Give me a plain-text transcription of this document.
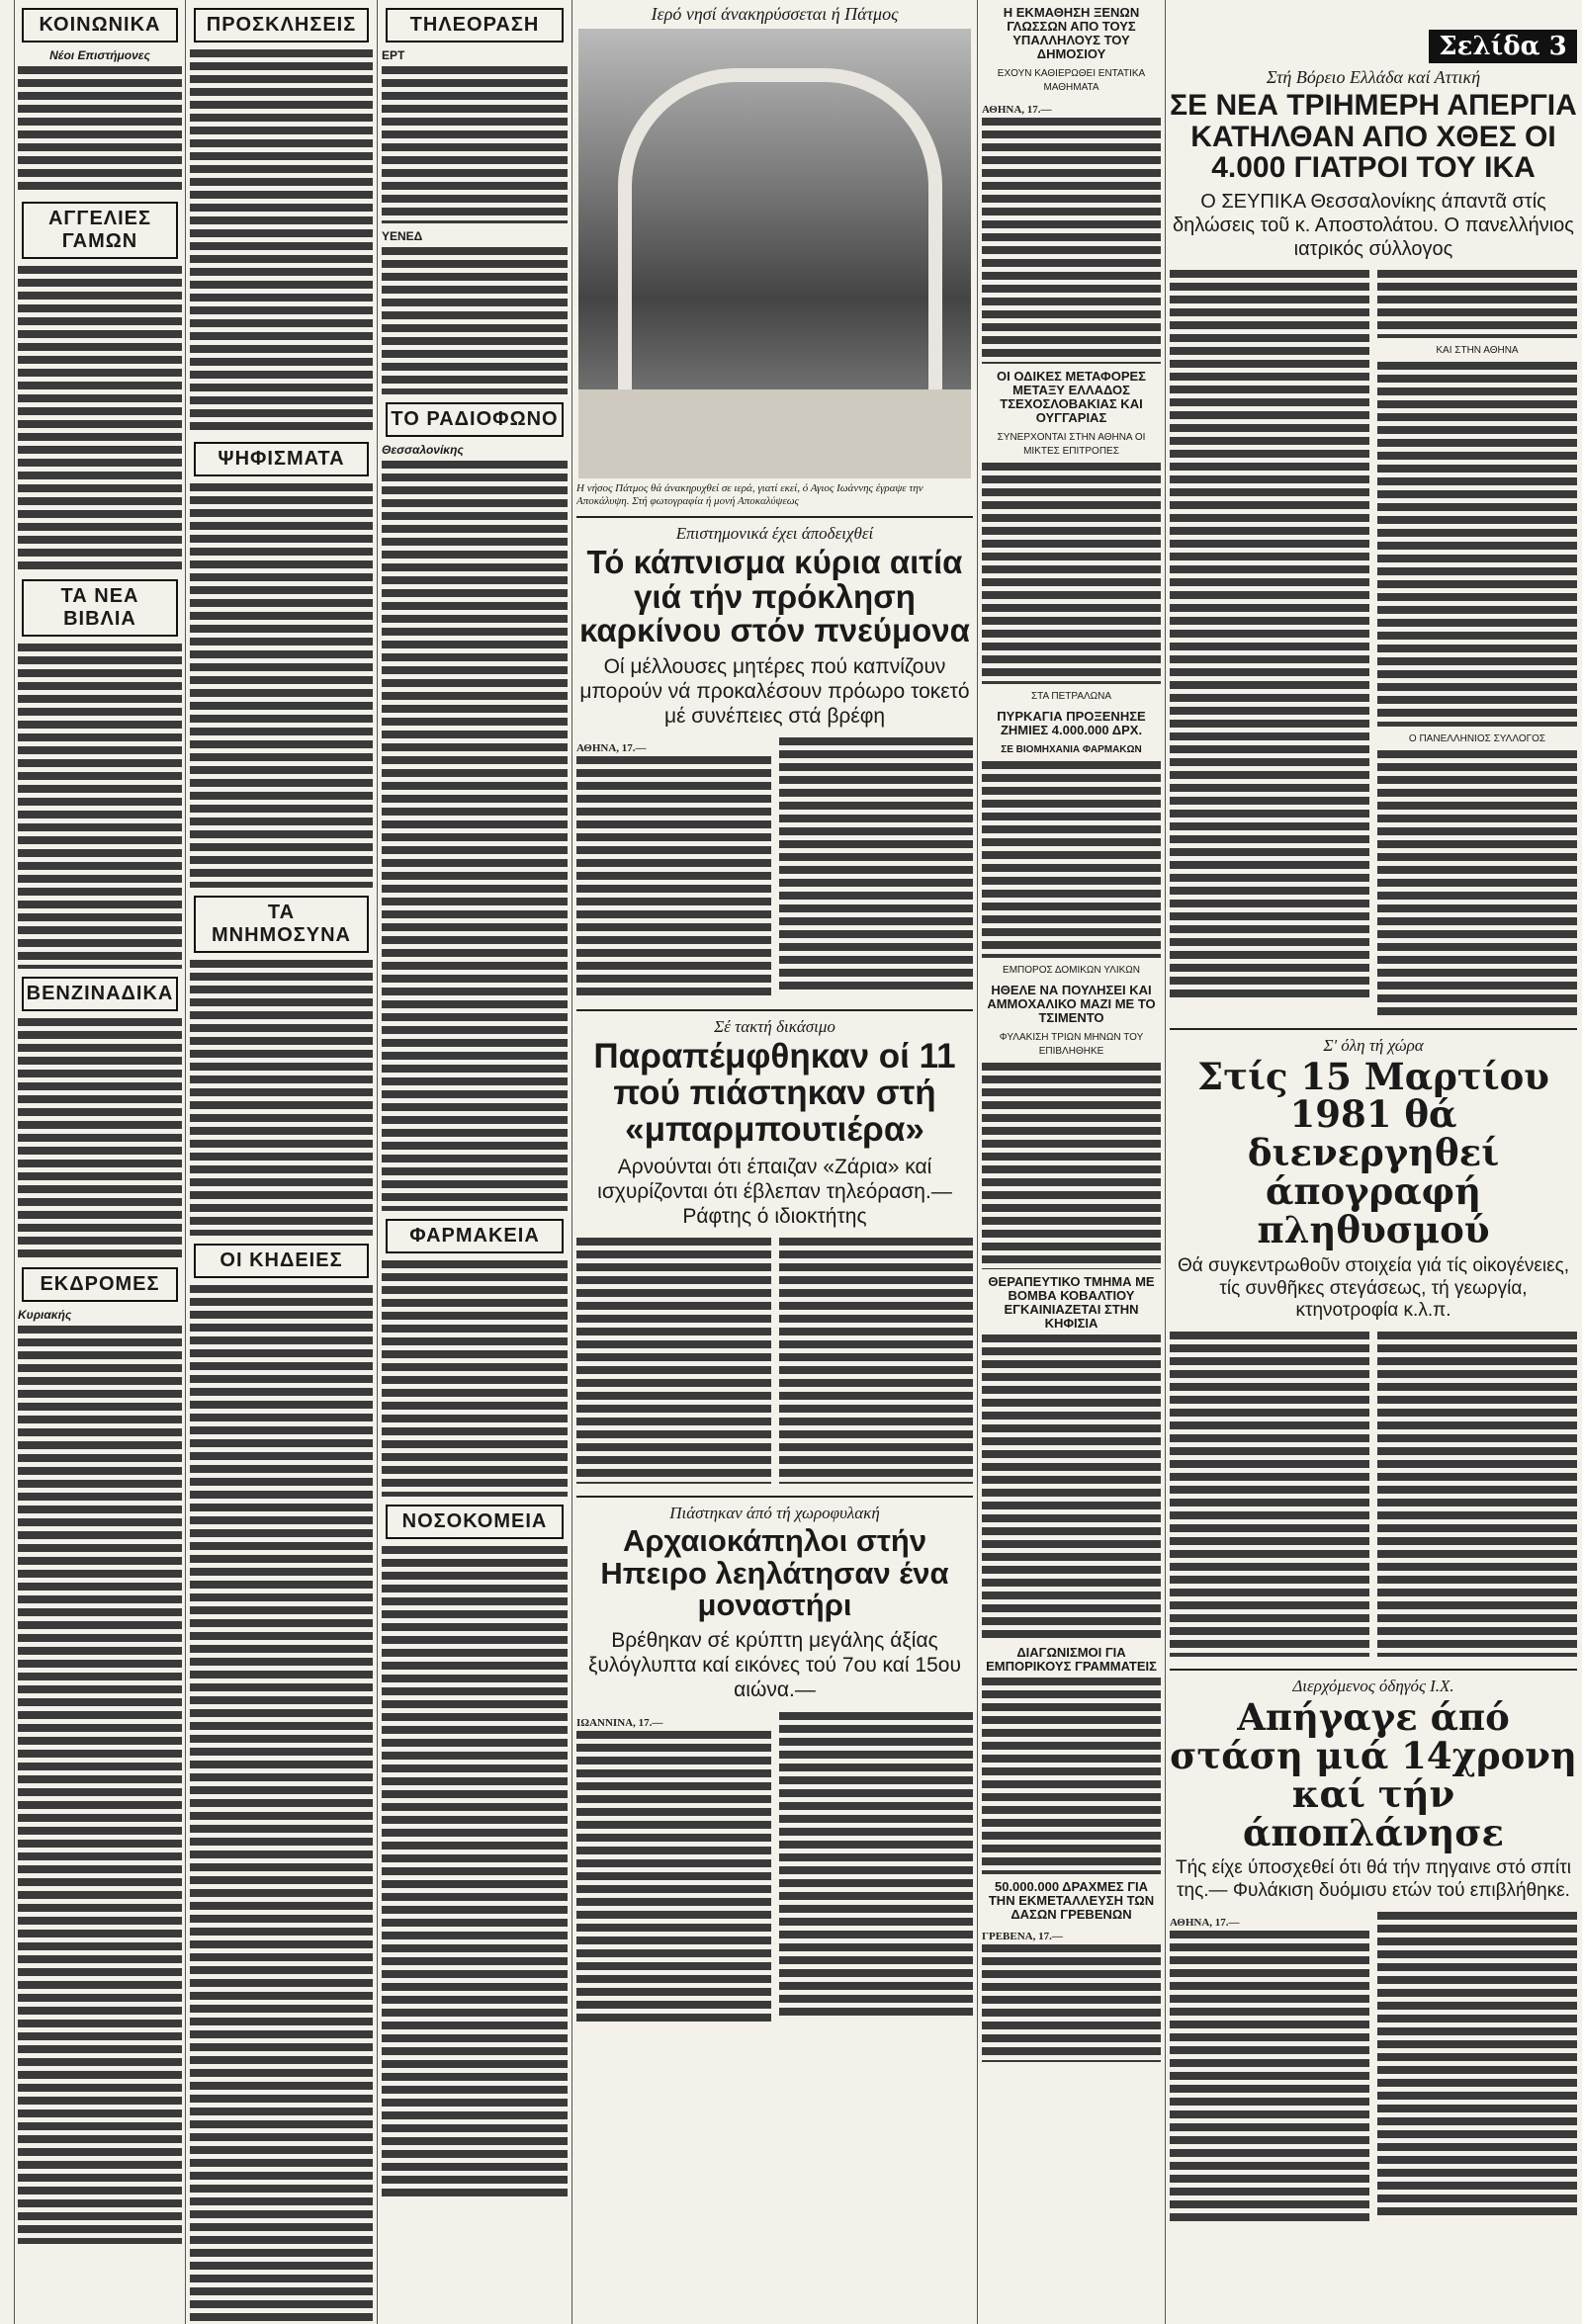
ΚΟΙΝΩΝΙΚΑ
Νέοι Επιστήμονες

ΑΓΓΕΛΙΕΣ ΓΑΜΩΝ

ΤΑ ΝΕΑ ΒΙΒΛΙΑ

ΒΕΝΖΙΝΑΔΙΚΑ

ΕΚΔΡΟΜΕΣ
Κυριακής

ΠΡΟΣΚΛΗΣΕΙΣ

ΨΗΦΙΣΜΑΤΑ

ΤΑ ΜΝΗΜΟΣΥΝΑ

ΟΙ ΚΗΔΕΙΕΣ

ΤΗΛΕΟΡΑΣΗ
ΕΡΤ

ΥΕΝΕΔ

ΤΟ ΡΑΔΙΟΦΩΝΟ
Θεσσαλονίκης

ΦΑΡΜΑΚΕΙΑ

ΝΟΣΟΚΟΜΕΙΑ

Ιερό νησί άνακηρύσσεται ή Πάτμος
Η νήσος Πάτμος θά άνακηρυχθεί σε ιερά, γιατί εκεί, ό Αγιος Ιωάννης έγραψε την Αποκάλυψη. Στή φωτογραφία ή μονή Αποκαλύψεως
Επιστημονικά έχει άποδειχθεί
Τό κάπνισμα κύρια αιτία γιά τήν πρόκληση καρκίνου στόν πνεύμονα
Οί μέλλουσες μητέρες πού καπνίζουν μπορούν νά προκαλέσουν πρόωρο τοκετό μέ συνέπειες στά βρέφη
ΑΘΗΝΑ, 17.—

Σέ τακτή δικάσιμο
Παραπέμφθηκαν οί 11 πού πιάστηκαν στή «μπαρμπουτιέρα»
Αρνούνται ότι έπαιζαν «Ζάρια» καί ισχυρίζονται ότι έβλεπαν τηλεόραση.— Ράφτης ό ιδιοκτήτης

Πιάστηκαν άπό τή χωροφυλακή
Αρχαιοκάπηλοι στήν Ηπειρο λεηλάτησαν ένα μοναστήρι
Βρέθηκαν σέ κρύπτη μεγάλης άξίας ξυλόγλυπτα καί εικόνες τού 7ου καί 15ου αιώνα.—
ΙΩΑΝΝΙΝΑ, 17.—

Η ΕΚΜΑΘΗΣΗ ΞΕΝΩΝ ΓΛΩΣΣΩΝ ΑΠΟ ΤΟΥΣ ΥΠΑΛΛΗΛΟΥΣ ΤΟΥ ΔΗΜΟΣΙΟΥ
ΕΧΟΥΝ ΚΑΘΙΕΡΩΘΕΙ ΕΝΤΑΤΙΚΑ ΜΑΘΗΜΑΤΑ
ΑΘΗΝΑ, 17.—

ΟΙ ΟΔΙΚΕΣ ΜΕΤΑΦΟΡΕΣ ΜΕΤΑΞΥ ΕΛΛΑΔΟΣ ΤΣΕΧΟΣΛΟΒΑΚΙΑΣ ΚΑΙ ΟΥΓΓΑΡΙΑΣ
ΣΥΝΕΡΧΟΝΤΑΙ ΣΤΗΝ ΑΘΗΝΑ ΟΙ ΜΙΚΤΕΣ ΕΠΙΤΡΟΠΕΣ

ΣΤΑ ΠΕΤΡΑΛΩΝΑ
ΠΥΡΚΑΓΙΑ ΠΡΟΞΕΝΗΣΕ ΖΗΜΙΕΣ 4.000.000 ΔΡΧ.
ΣΕ ΒΙΟΜΗΧΑΝΙΑ ΦΑΡΜΑΚΩΝ

ΕΜΠΟΡΟΣ ΔΟΜΙΚΩΝ ΥΛΙΚΩΝ
ΗΘΕΛΕ ΝΑ ΠΟΥΛΗΣΕΙ ΚΑΙ ΑΜΜΟΧΑΛΙΚΟ ΜΑΖΙ ΜΕ ΤΟ ΤΣΙΜΕΝΤΟ
ΦΥΛΑΚΙΣΗ ΤΡΙΩΝ ΜΗΝΩΝ ΤΟΥ ΕΠΙΒΛΗΘΗΚΕ

ΘΕΡΑΠΕΥΤΙΚΟ ΤΜΗΜΑ ΜΕ ΒΟΜΒΑ ΚΟΒΑΛΤΙΟΥ ΕΓΚΑΙΝΙΑΖΕΤΑΙ ΣΤΗΝ ΚΗΦΙΣΙΑ

ΔΙΑΓΩΝΙΣΜΟΙ ΓΙΑ ΕΜΠΟΡΙΚΟΥΣ ΓΡΑΜΜΑΤΕΙΣ

50.000.000 ΔΡΑΧΜΕΣ ΓΙΑ ΤΗΝ ΕΚΜΕΤΑΛΛΕΥΣΗ ΤΩΝ ΔΑΣΩΝ ΓΡΕΒΕΝΩΝ
ΓΡΕΒΕΝΑ, 17.—

Σελίδα 3
Στή Βόρειο Ελλάδα καί Αττική
ΣΕ ΝΕΑ ΤΡΙΗΜΕΡΗ ΑΠΕΡΓΙΑ ΚΑΤΗΛΘΑΝ ΑΠΟ ΧΘΕΣ ΟΙ 4.000 ΓΙΑΤΡΟΙ ΤΟΥ ΙΚΑ
Ο ΣΕΥΠΙΚΑ Θεσσαλονίκης άπαντᾶ στίς δηλώσεις τοῦ κ. Αποστολάτου. Ο πανελλήνιος ιατρικός σύλλογος

ΚΑΙ ΣΤΗΝ ΑΘΗΝΑ

Ο ΠΑΝΕΛΛΗΝΙΟΣ ΣΥΛΛΟΓΟΣ

Σ' όλη τή χώρα
Στίς 15 Μαρτίου 1981 θά διενεργηθεί άπογραφή πληθυσμού
Θά συγκεντρωθοῦν στοιχεία γιά τίς οἰκογένειες, τίς συνθῆκες στεγάσεως, τή γεωργία, κτηνοτροφία κ.λ.π.

Διερχόμενος όδηγός Ι.Χ.
Απήγαγε άπό στάση μιά 14χρονη καί τήν άποπλάνησε
Τής είχε ύποσχεθεί ότι θά τήν πηγαινε στό σπίτι της.— Φυλάκιση δυόμισυ ετών τού επιβλήθηκε.
ΑΘΗΝΑ, 17.—
